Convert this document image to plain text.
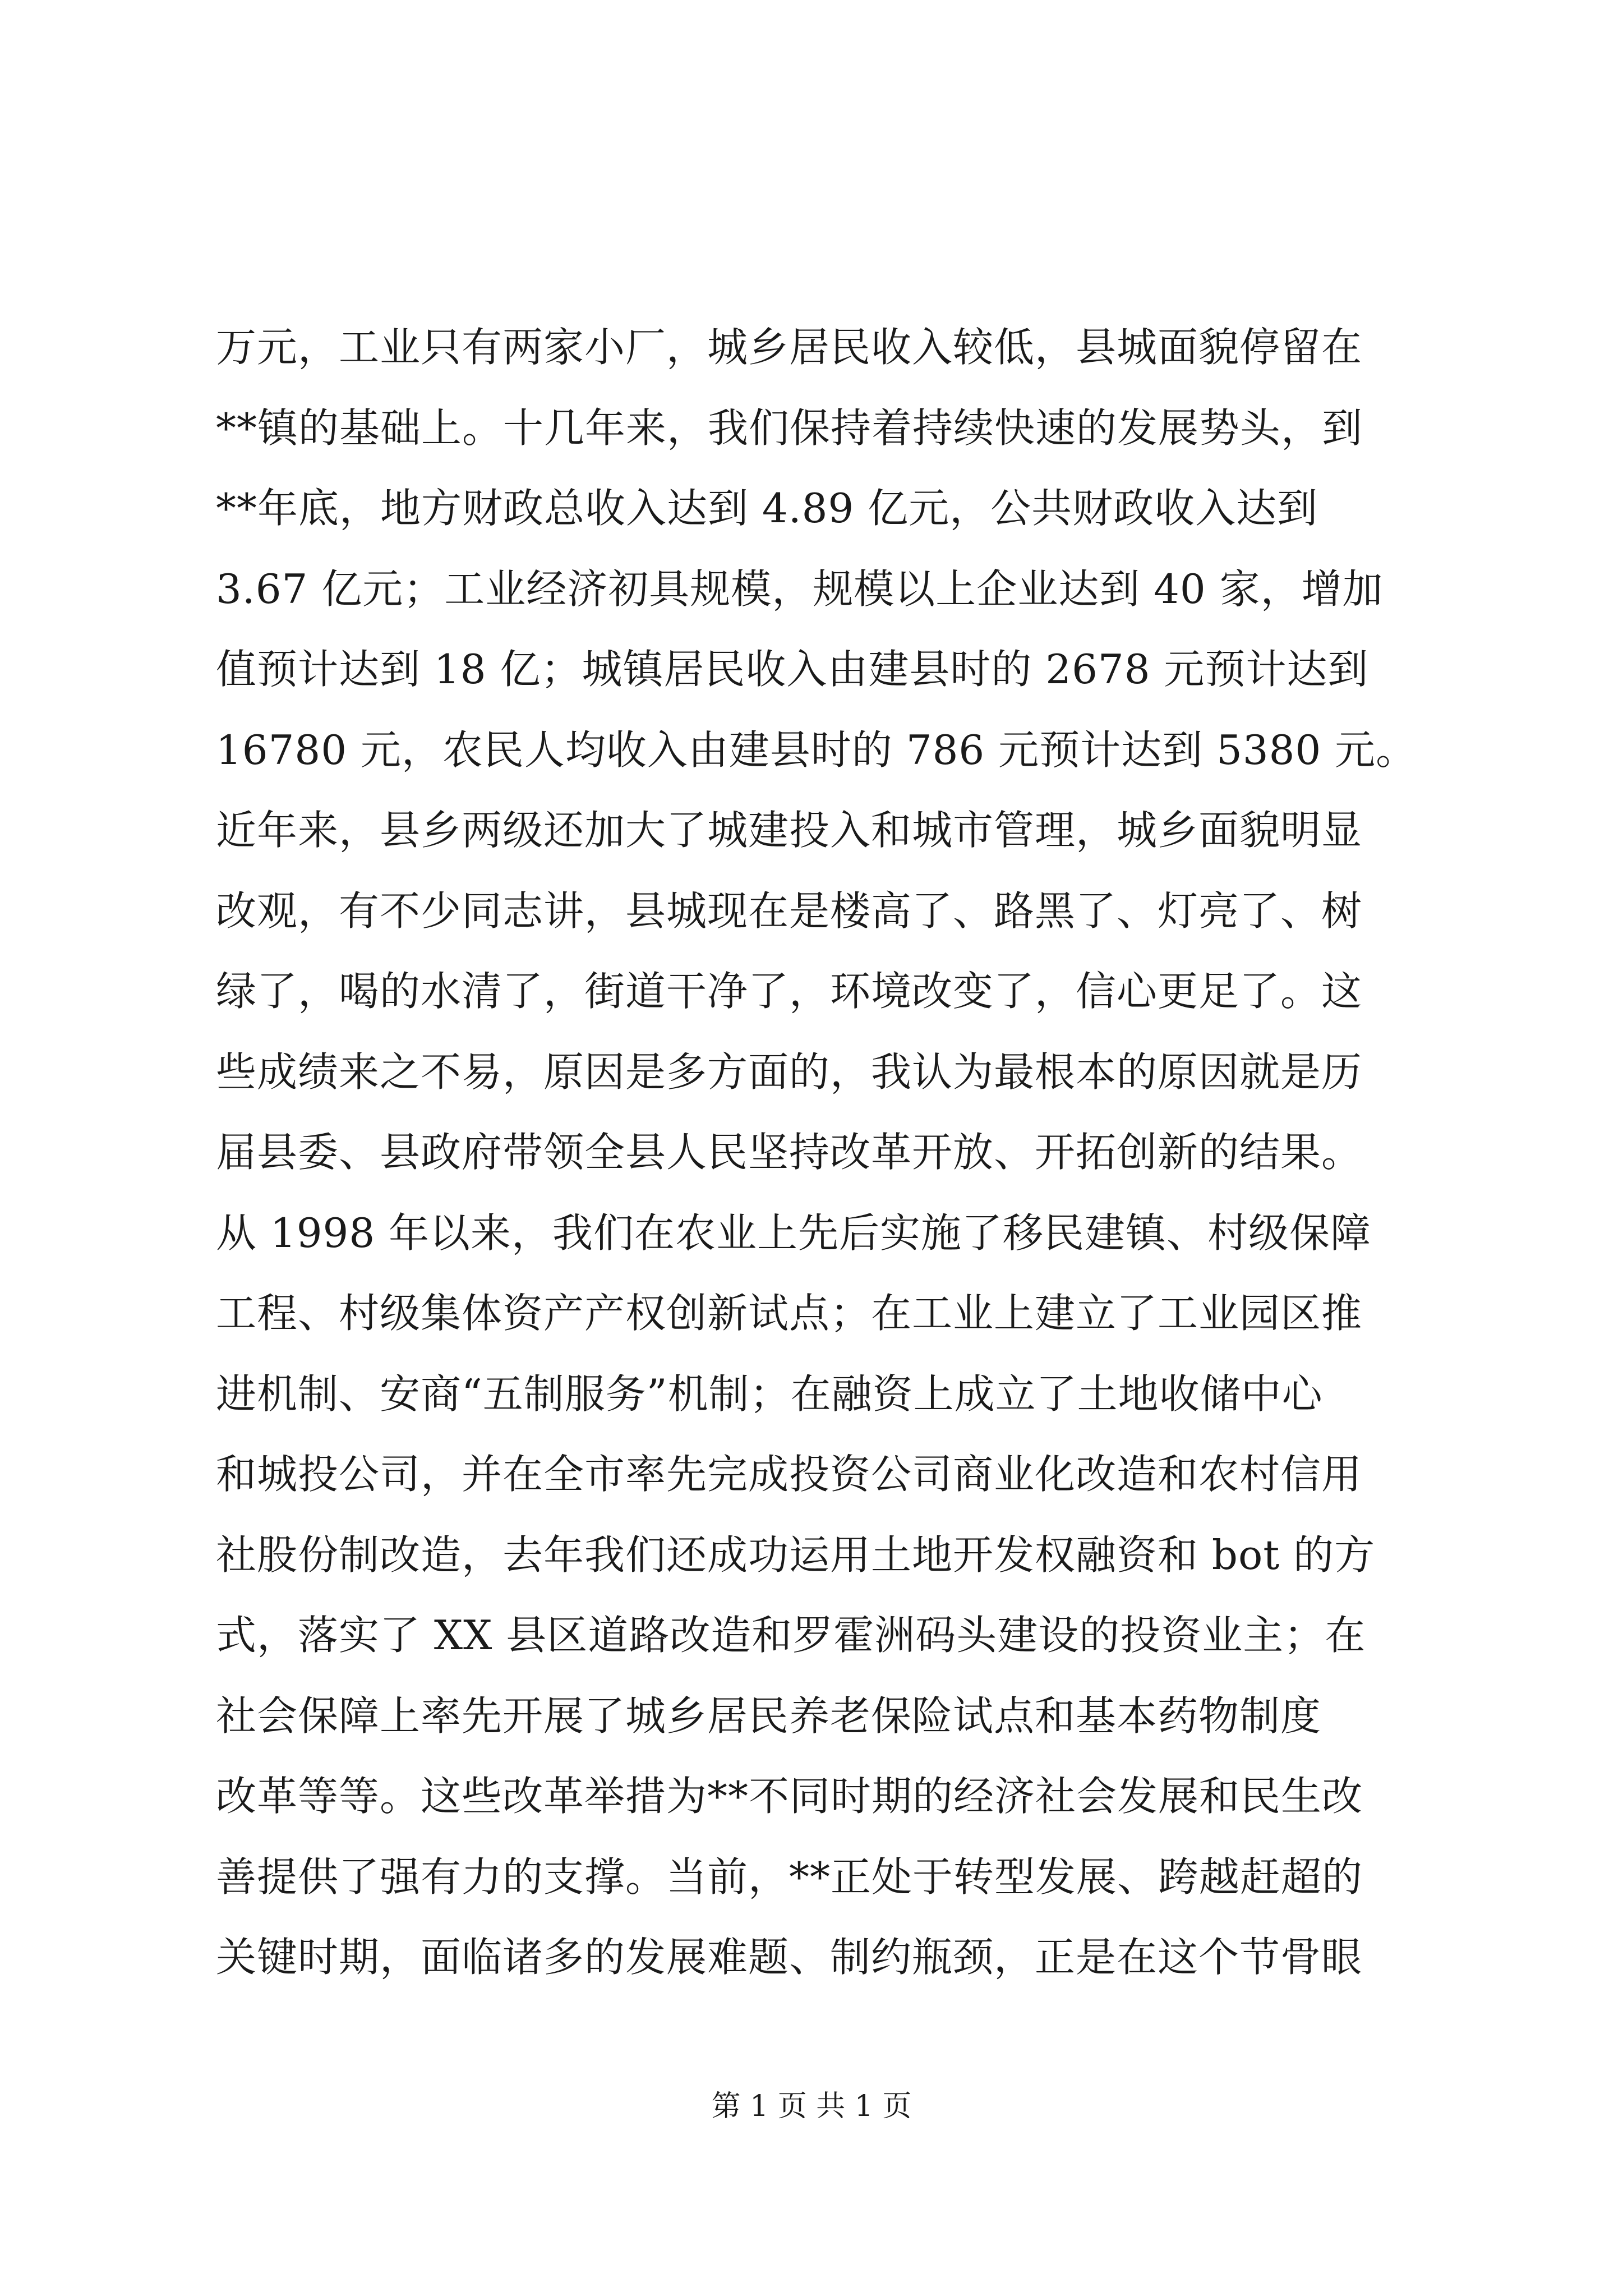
万元，工业只有两家小厂，城乡居民收入较低，县城面貌停留在
**镇的基础上。十几年来，我们保持着持续快速的发展势头，到
**年底，地方财政总收入达到 4.89 亿元，公共财政收入达到
3.67 亿元；工业经济初具规模，规模以上企业达到 40 家，增加
值预计达到 18 亿；城镇居民收入由建县时的 2678 元预计达到
16780 元，农民人均收入由建县时的 786 元预计达到 5380 元。
近年来，县乡两级还加大了城建投入和城市管理，城乡面貌明显
改观，有不少同志讲，县城现在是楼高了、路黑了、灯亮了、树
绿了，喝的水清了，街道干净了，环境改变了，信心更足了。这
些成绩来之不易，原因是多方面的，我认为最根本的原因就是历
届县委、县政府带领全县人民坚持改革开放、开拓创新的结果。
从 1998 年以来，我们在农业上先后实施了移民建镇、村级保障
工程、村级集体资产产权创新试点；在工业上建立了工业园区推
进机制、安商“五制服务”机制；在融资上成立了土地收储中心
和城投公司，并在全市率先完成投资公司商业化改造和农村信用
社股份制改造，去年我们还成功运用土地开发权融资和 bot 的方
式，落实了 XX 县区道路改造和罗霍洲码头建设的投资业主；在
社会保障上率先开展了城乡居民养老保险试点和基本药物制度
改革等等。这些改革举措为**不同时期的经济社会发展和民生改
善提供了强有力的支撑。当前，**正处于转型发展、跨越赶超的
关键时期，面临诸多的发展难题、制约瓶颈，正是在这个节骨眼
第 1 页 共 1 页
